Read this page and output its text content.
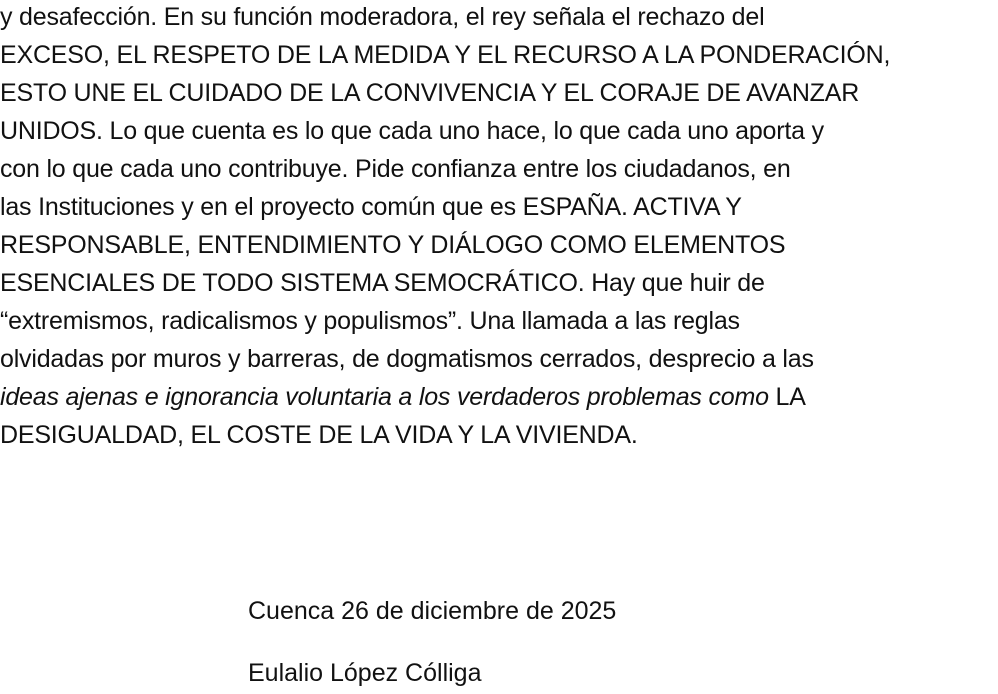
y desafección. En su función moderadora, el rey señala el rechazo del
EXCESO, EL RESPETO DE LA MEDIDA Y EL RECURSO A LA PONDERACIÓN,
ESTO UNE EL CUIDADO DE LA CONVIVENCIA Y EL CORAJE DE AVANZAR
UNIDOS. Lo que cuenta es lo que cada uno hace, lo que cada uno aporta y
con lo que cada uno contribuye. Pide confianza entre los ciudadanos, en
las Instituciones y en el proyecto común que es ESPAÑA. ACTIVA Y
RESPONSABLE, ENTENDIMIENTO Y DIÁLOGO COMO ELEMENTOS
ESENCIALES DE TODO SISTEMA SEMOCRÁTICO. Hay que huir de
“extremismos, radicalismos y populismos”. Una llamada a las reglas
olvidadas por muros y barreras, de dogmatismos cerrados, desprecio a las
ideas ajenas e ignorancia voluntaria a los verdaderos problemas como LA
DESIGUALDAD, EL COSTE DE LA VIDA Y LA VIVIENDA.
Cuenca 26 de diciembre de 2025
Eulalio López Cólliga
